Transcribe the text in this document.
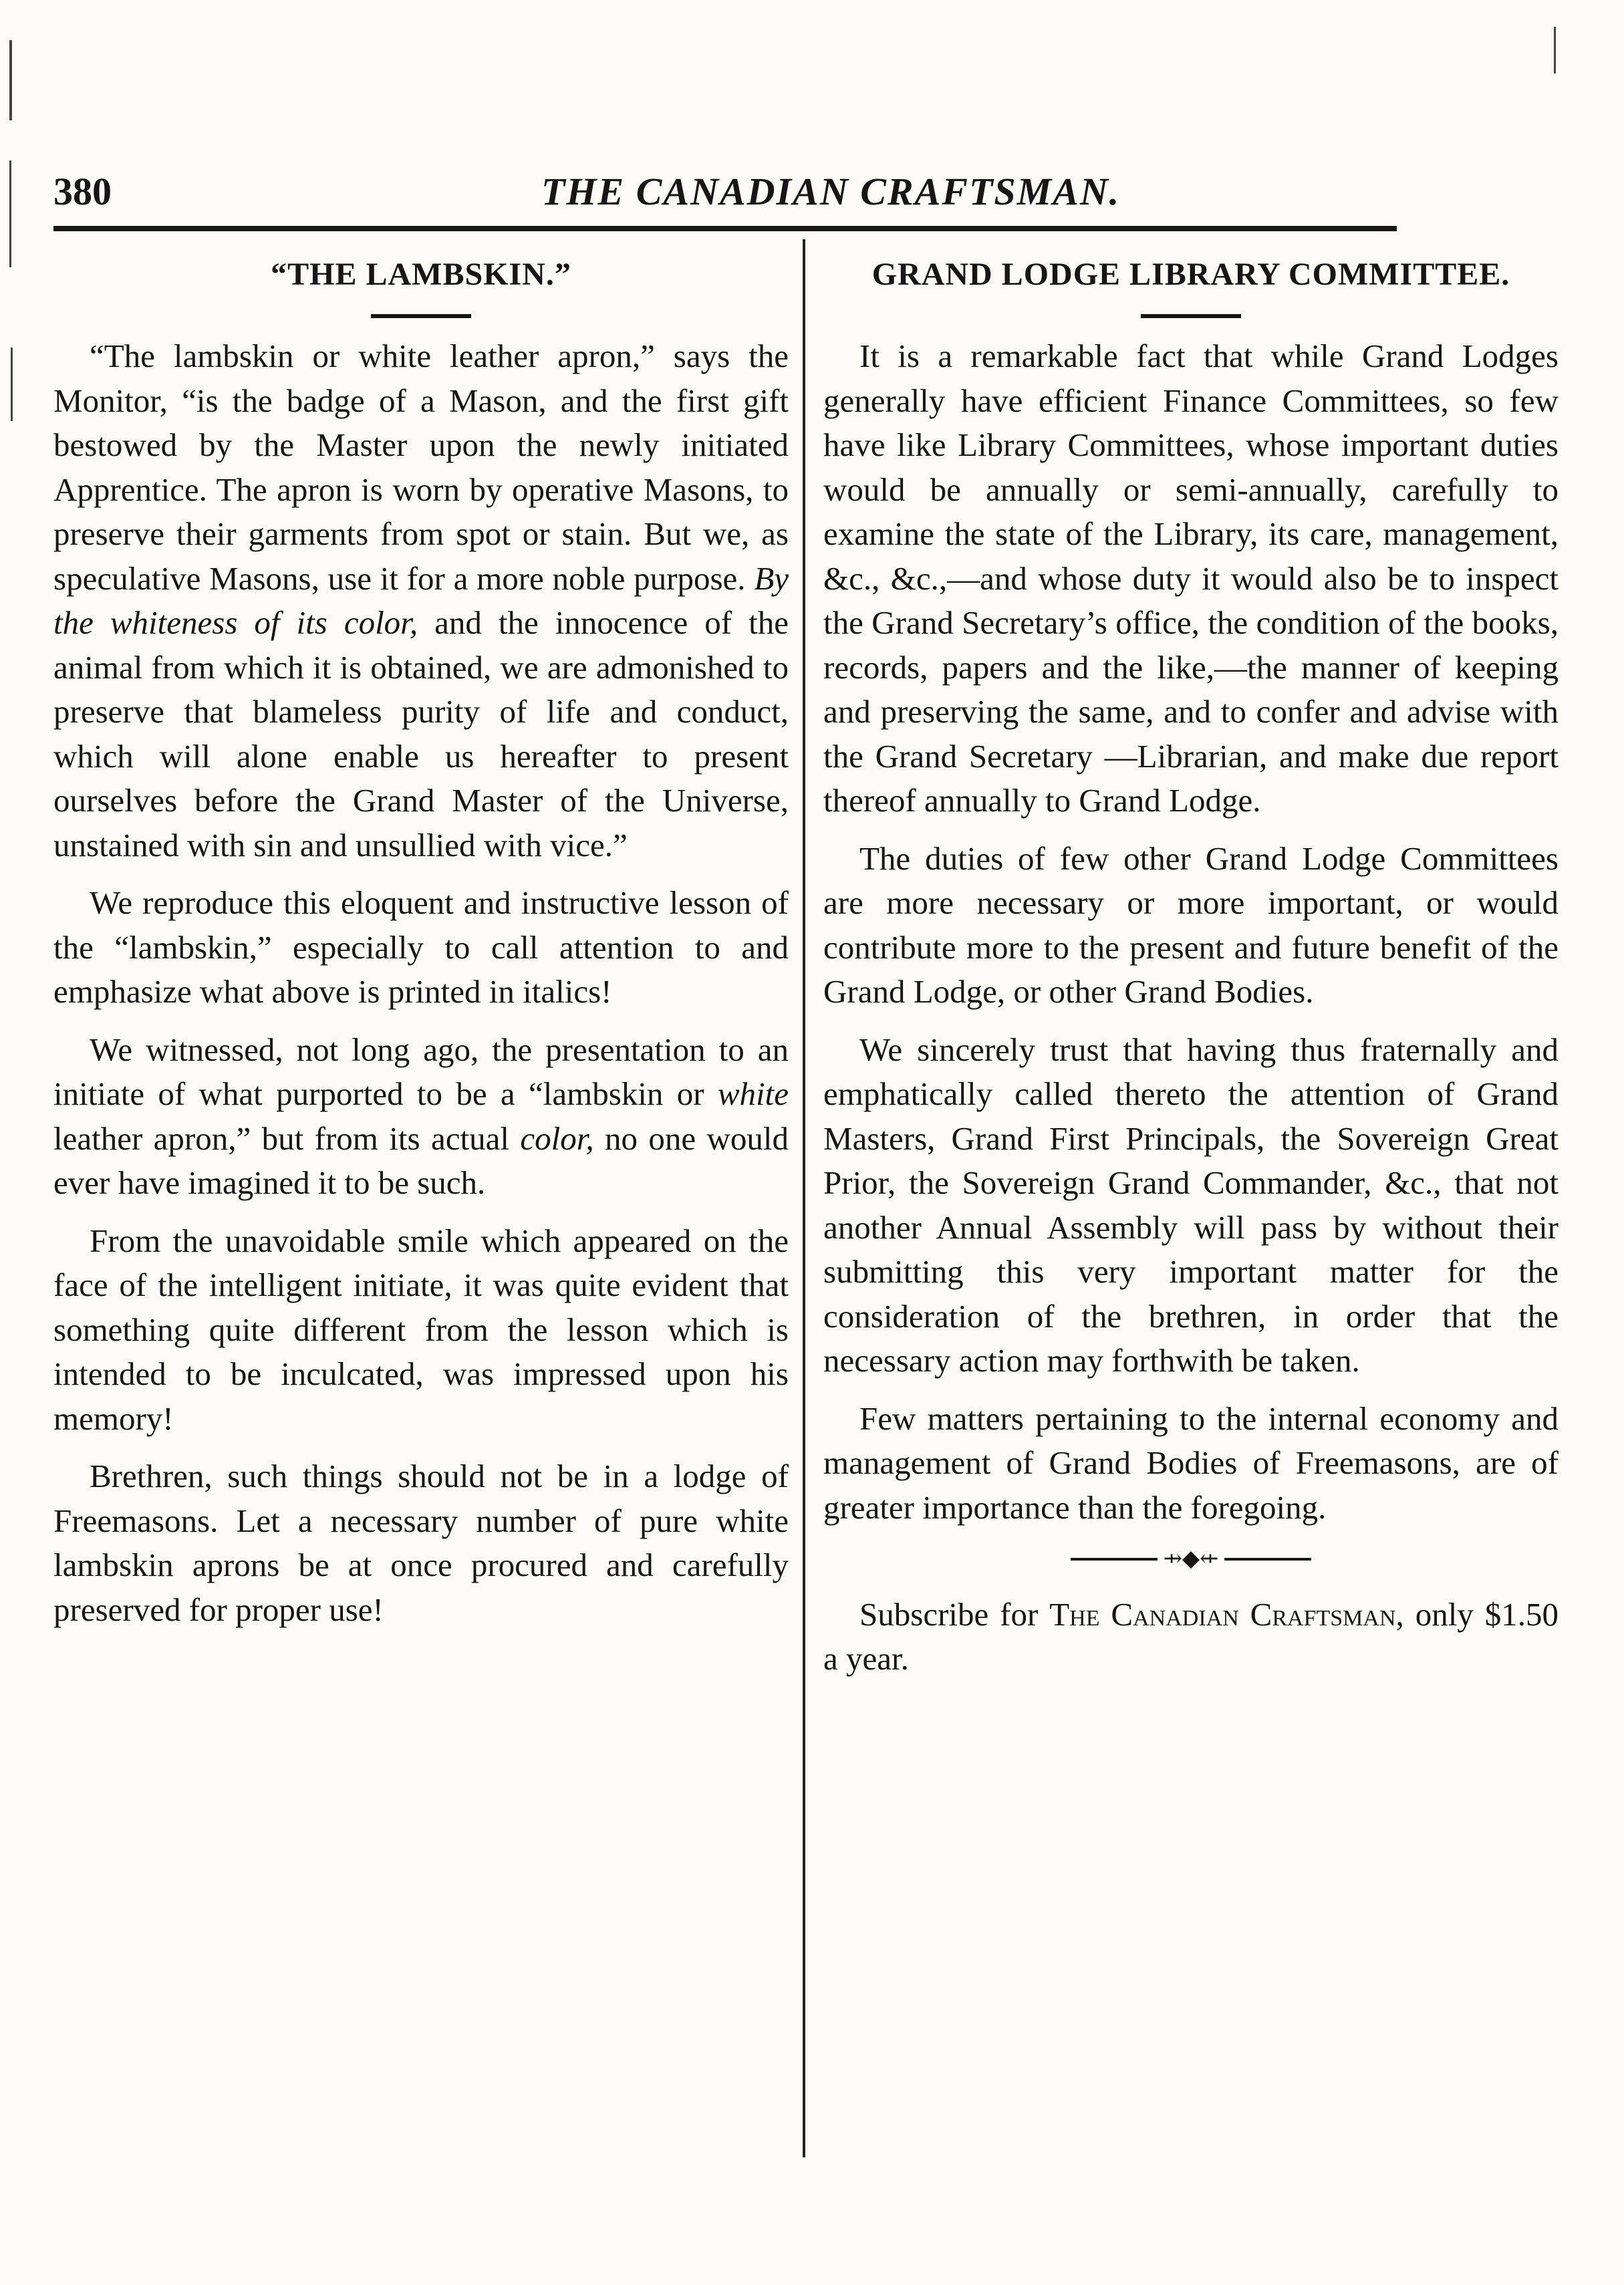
380	THE CANADIAN CRAFTSMAN.
“THE LAMBSKIN.”

“The lambskin or white leather apron,” says the Monitor, “is the badge of a Mason, and the first gift bestowed by the Master upon the newly initiated Apprentice. The apron is worn by operative Masons, to preserve their garments from spot or stain. But we, as speculative Masons, use it for a more noble purpose. By the whiteness of its color, and the innocence of the animal from which it is obtained, we are admonished to preserve that blameless purity of life and conduct, which will alone enable us hereafter to present ourselves before the Grand Master of the Universe, unstained with sin and unsullied with vice.”

We reproduce this eloquent and instructive lesson of the “lambskin,” especially to call attention to and emphasize what above is printed in italics!

We witnessed, not long ago, the presentation to an initiate of what purported to be a “lambskin or white leather apron,” but from its actual color, no one would ever have imagined it to be such.

From the unavoidable smile which appeared on the face of the intelligent initiate, it was quite evident that something quite different from the lesson which is intended to be inculcated, was impressed upon his memory!

Brethren, such things should not be in a lodge of Freemasons. Let a necessary number of pure white lambskin aprons be at once procured and carefully preserved for proper use!

GRAND LODGE LIBRARY COMMITTEE.

It is a remarkable fact that while Grand Lodges generally have efficient Finance Committees, so few have like Library Committees, whose important duties would be annually or semi-annually, carefully to examine the state of the Library, its care, management, &c., &c.,—and whose duty it would also be to inspect the Grand Secretary’s office, the condition of the books, records, papers and the like,—the manner of keeping and preserving the same, and to confer and advise with the Grand Secretary —Librarian, and make due report thereof annually to Grand Lodge.

The duties of few other Grand Lodge Committees are more necessary or more important, or would contribute more to the present and future benefit of the Grand Lodge, or other Grand Bodies.

We sincerely trust that having thus fraternally and emphatically called thereto the attention of Grand Masters, Grand First Principals, the Sovereign Great Prior, the Sovereign Grand Commander, &c., that not another Annual Assembly will pass by without their submitting this very important matter for the consideration of the brethren, in order that the necessary action may forthwith be taken.

Few matters pertaining to the internal economy and management of Grand Bodies of Freemasons, are of greater importance than the foregoing.

⇸◆⇷

Subscribe for The Canadian Craftsman, only $1.50 a year.
